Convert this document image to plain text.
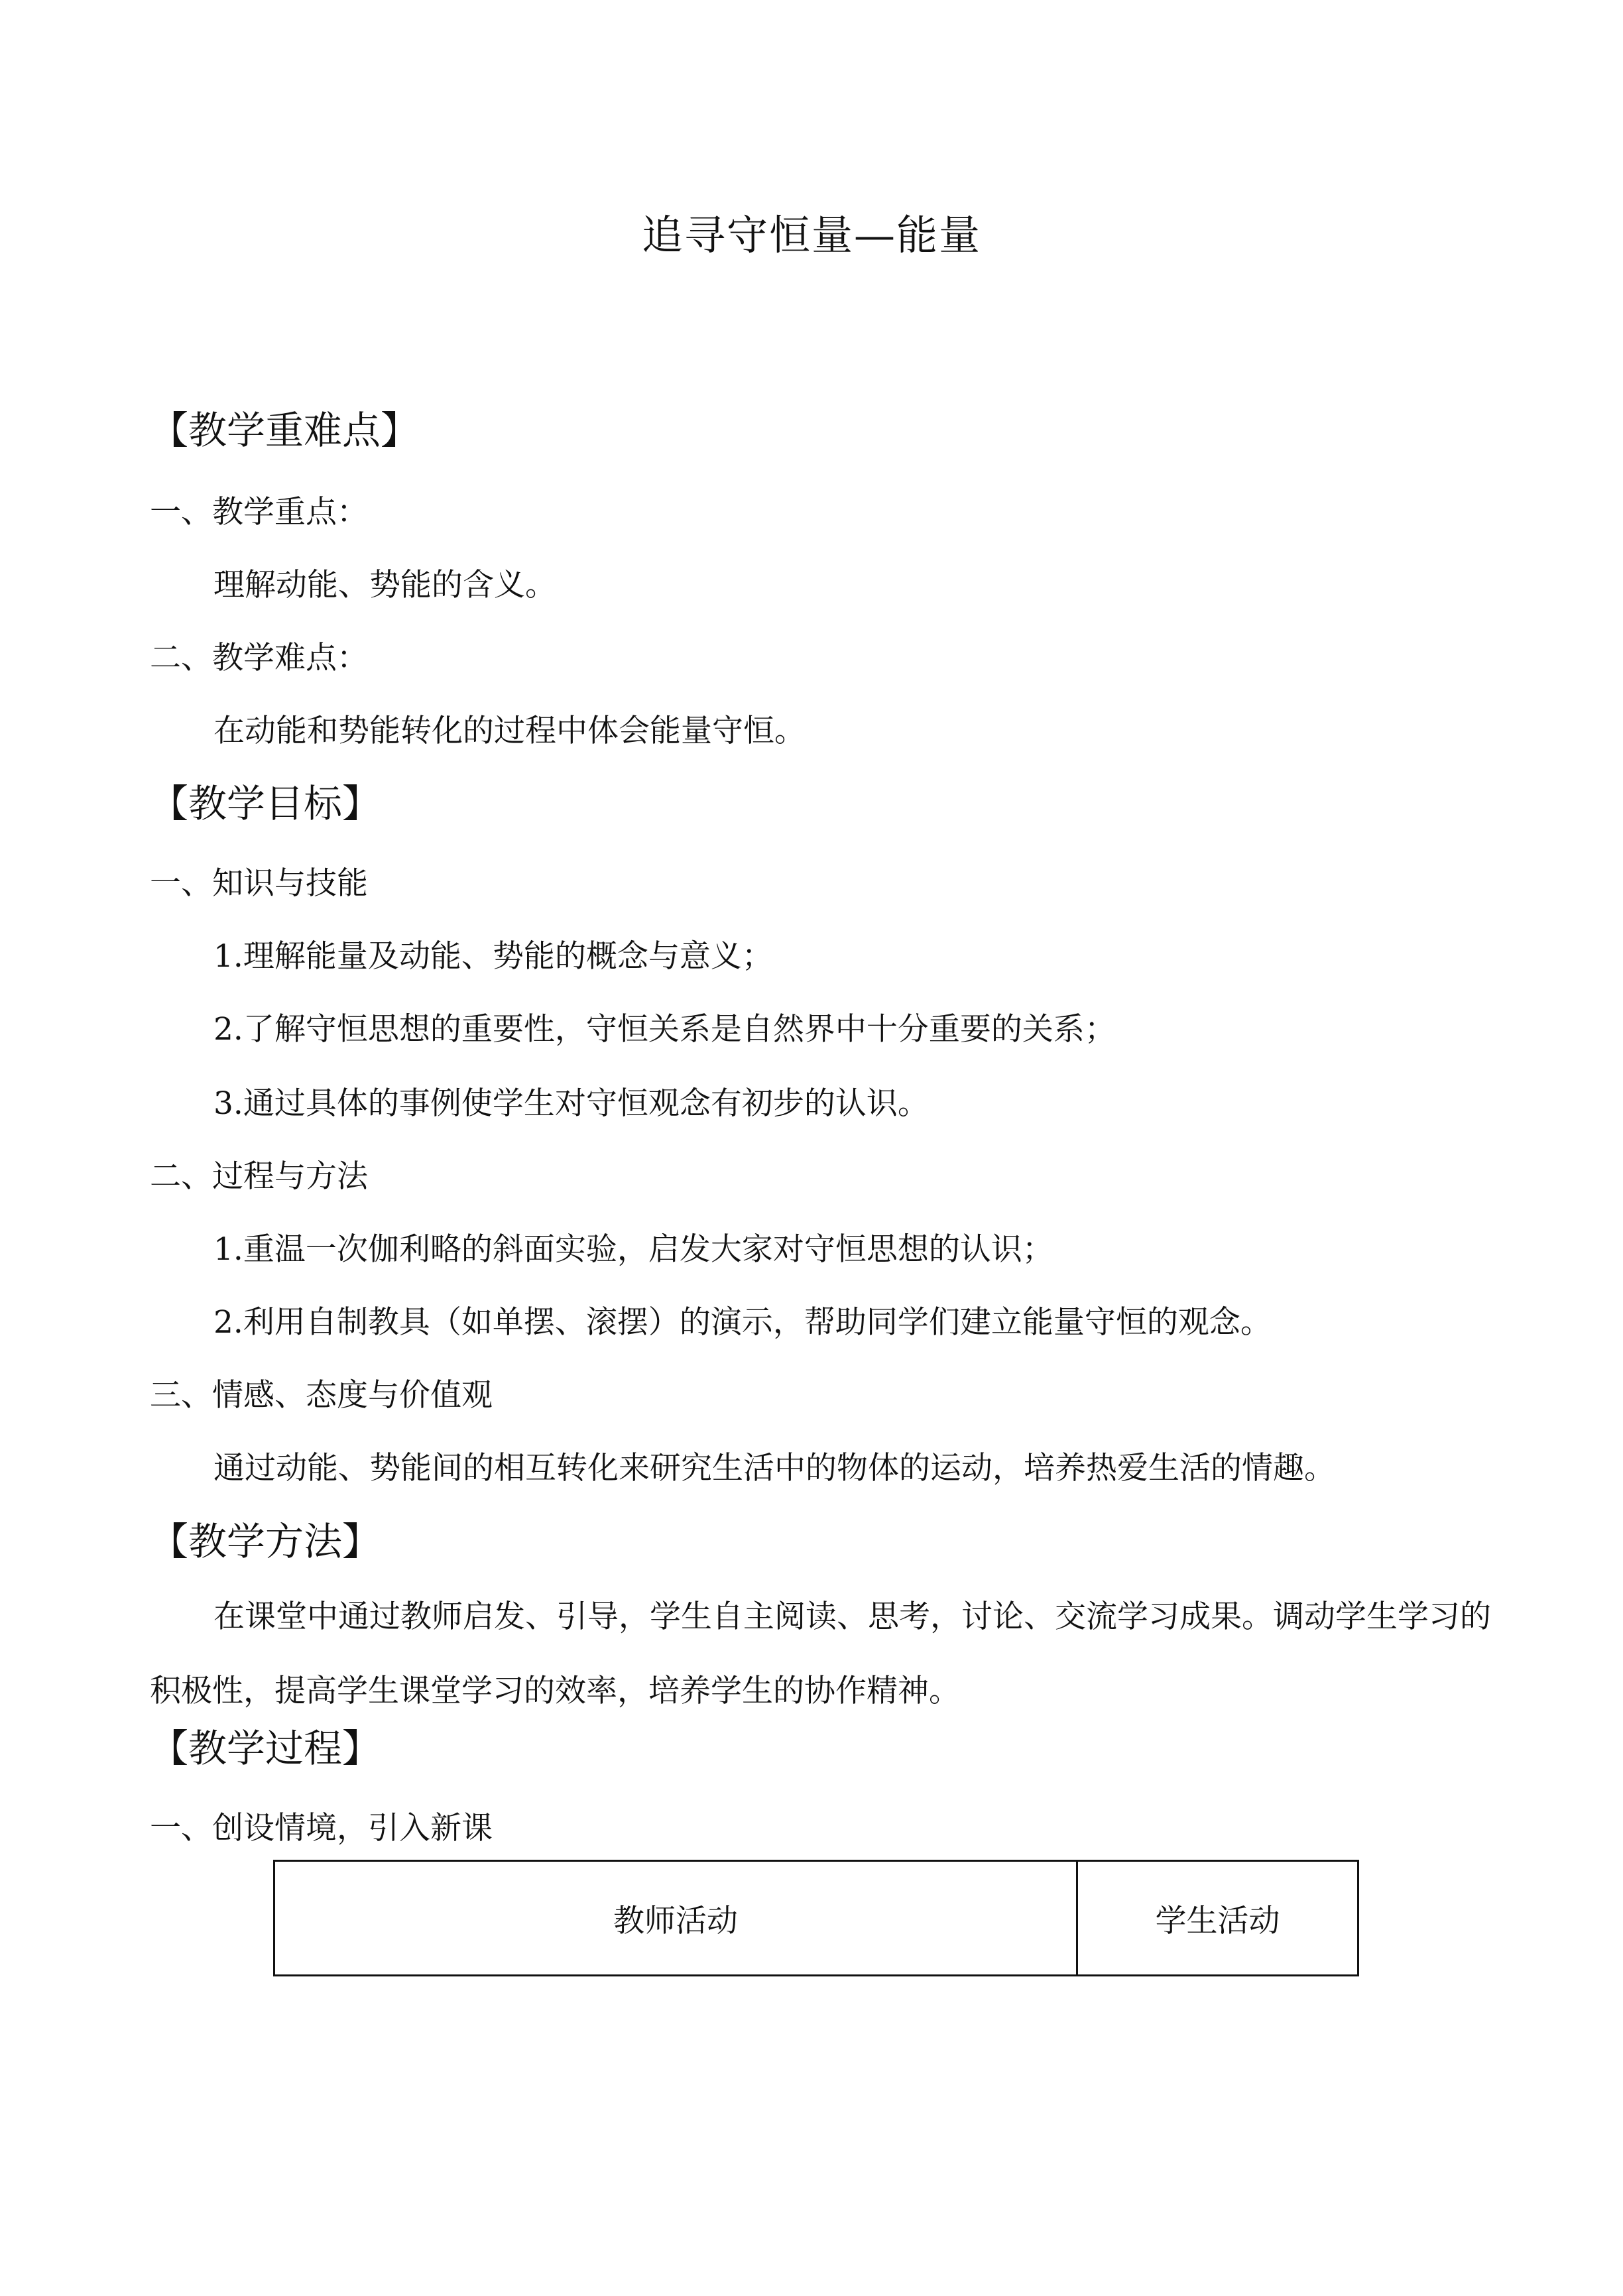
追寻守恒量—能量
【教学重难点】
一、教学重点：
理解动能、势能的含义。
二、教学难点：
在动能和势能转化的过程中体会能量守恒。
【教学目标】
一、知识与技能
1.理解能量及动能、势能的概念与意义；
2.了解守恒思想的重要性，守恒关系是自然界中十分重要的关系；
3.通过具体的事例使学生对守恒观念有初步的认识。
二、过程与方法
1.重温一次伽利略的斜面实验，启发大家对守恒思想的认识；
2.利用自制教具（如单摆、滚摆）的演示，帮助同学们建立能量守恒的观念。
三、情感、态度与价值观
通过动能、势能间的相互转化来研究生活中的物体的运动，培养热爱生活的情趣。
【教学方法】
在课堂中通过教师启发、引导，学生自主阅读、思考，讨论、交流学习成果。调动学生学习的积极性，提高学生课堂学习的效率，培养学生的协作精神。
【教学过程】
一、创设情境，引入新课
教师活动	学生活动
